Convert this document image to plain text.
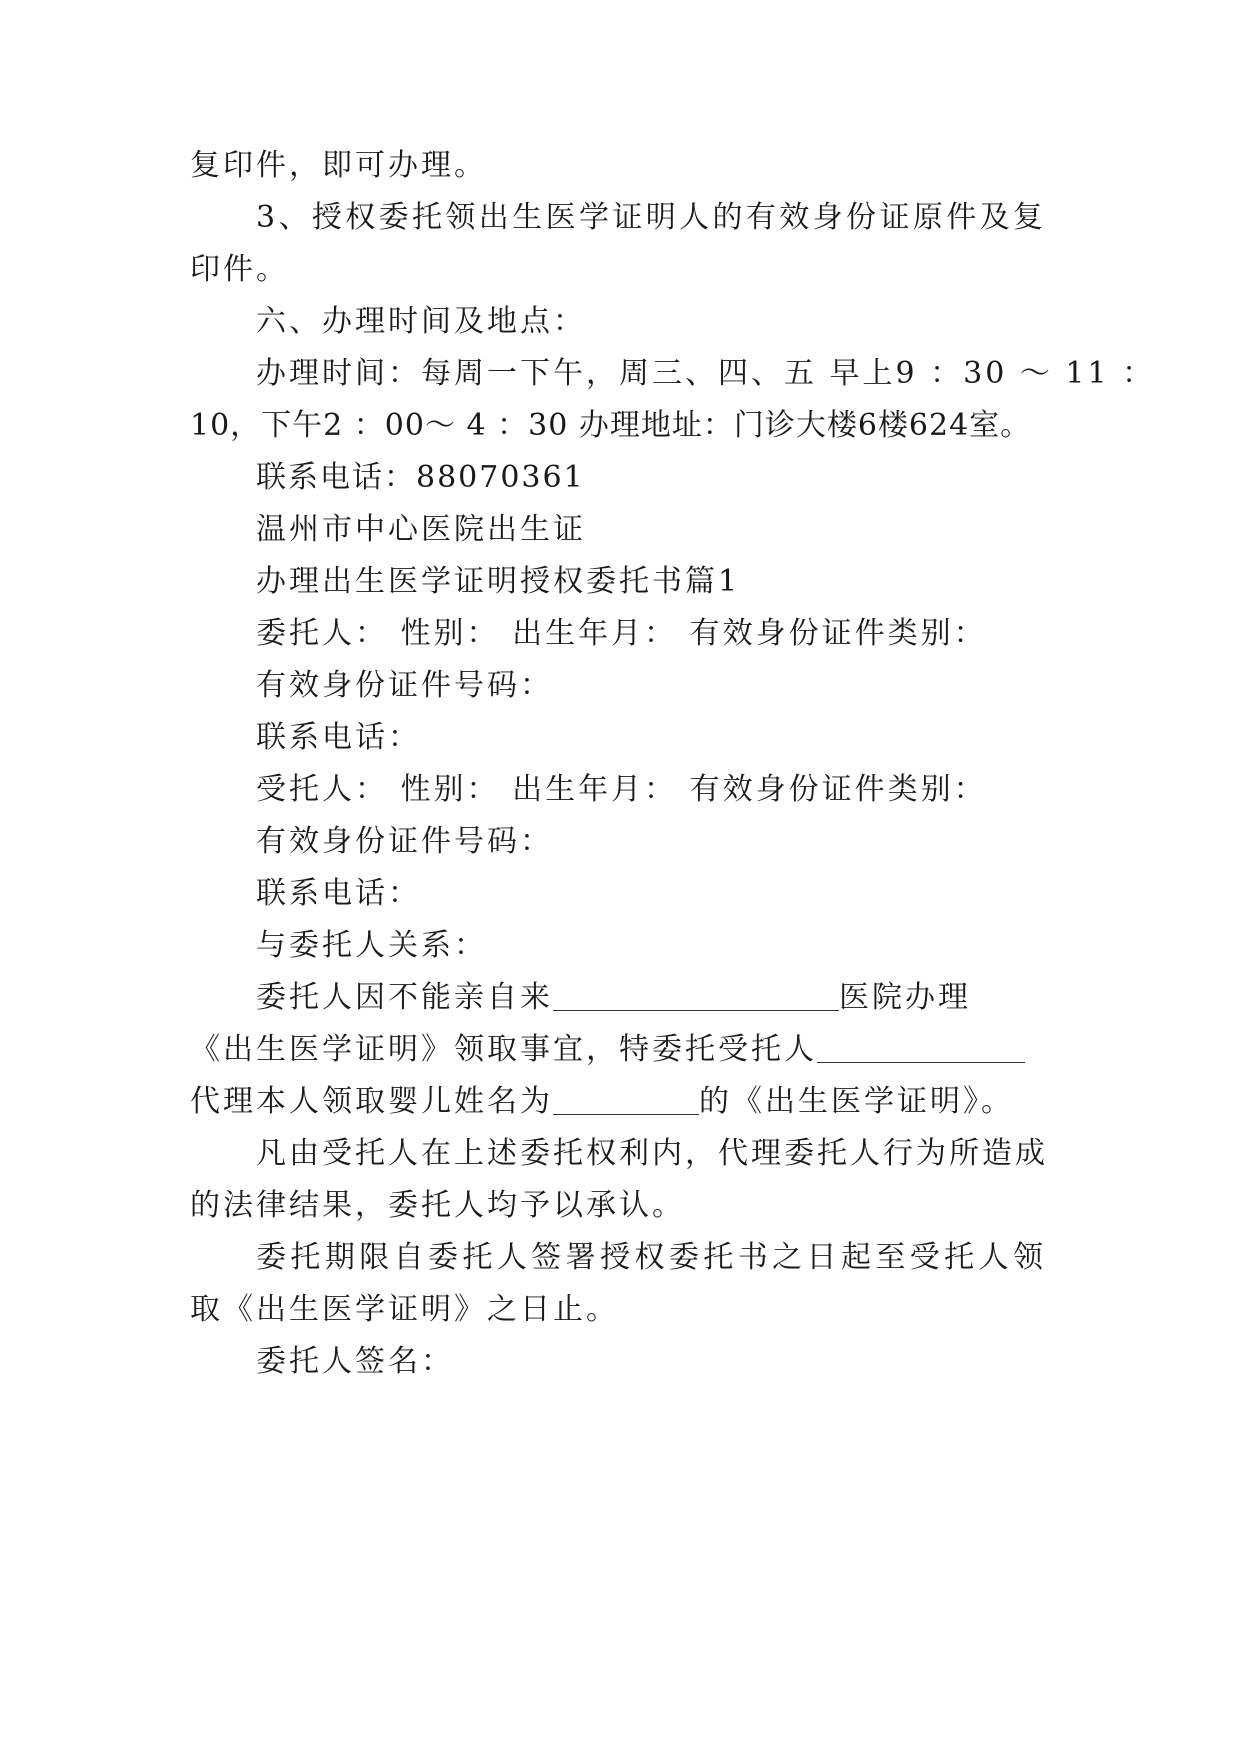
复印件，即可办理。
3、授权委托领出生医学证明人的有效身份证原件及复
印件。
六、办理时间及地点：
办理时间：每周一下午，周三、四、五 早上9 ：30 ～ 11 ：
10，下午2 ：00～ 4 ：30 办理地址：门诊大楼6楼624室。
联系电话：88070361
温州市中心医院出生证
办理出生医学证明授权委托书篇1
委托人： 性别： 出生年月： 有效身份证件类别：
有效身份证件号码：
联系电话：
受托人： 性别： 出生年月： 有效身份证件类别：
有效身份证件号码：
联系电话：
与委托人关系：
委托人因不能亲自来	医院办理
《出生医学证明》领取事宜，特委托受托人
代理本人领取婴儿姓名为	的《出生医学证明》。
凡由受托人在上述委托权利内，代理委托人行为所造成
的法律结果，委托人均予以承认。
委托期限自委托人签署授权委托书之日起至受托人领
取《出生医学证明》之日止。
委托人签名：
